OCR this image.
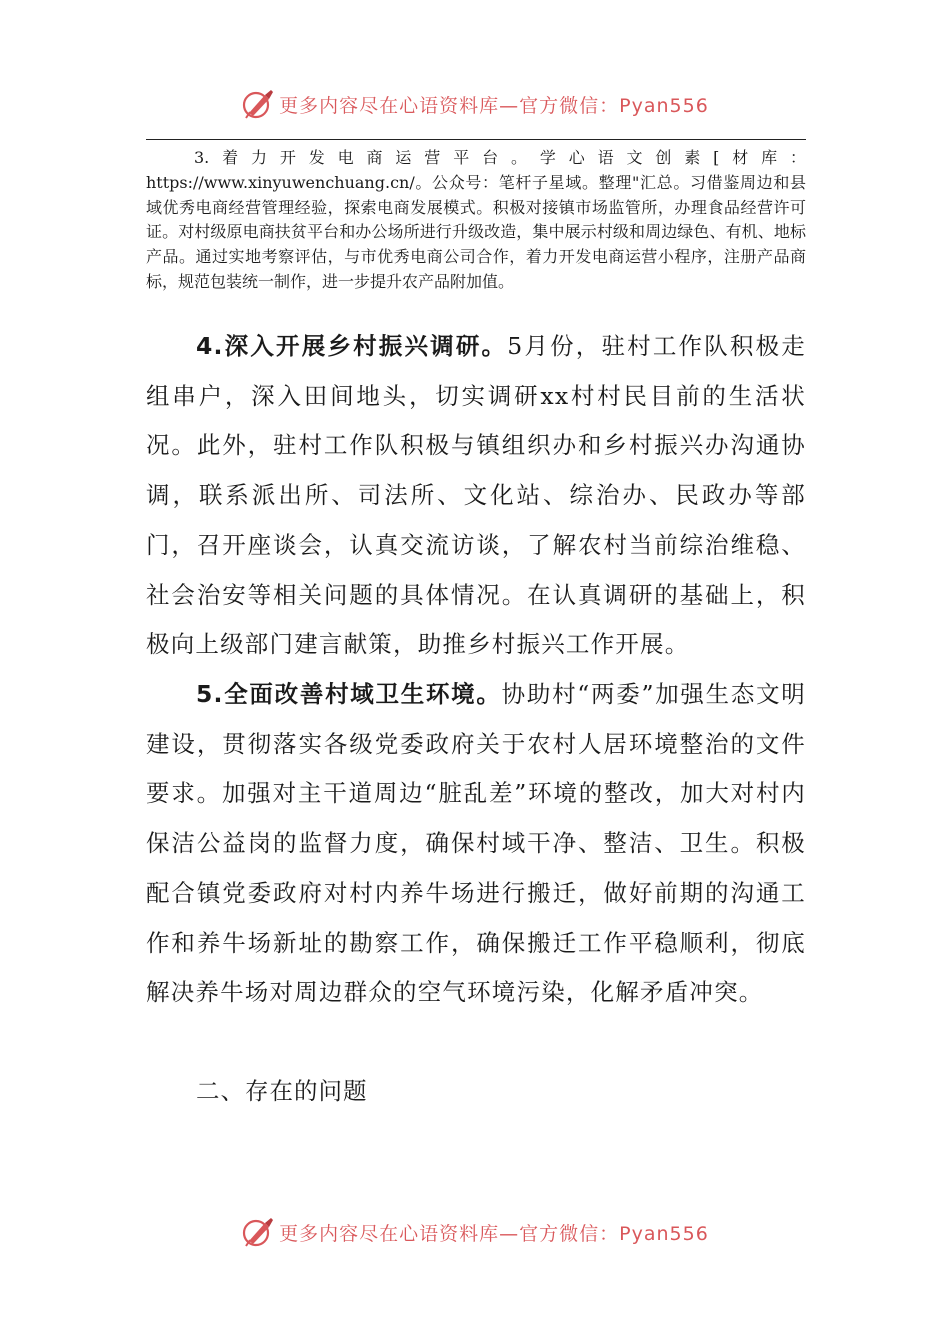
更多内容尽在心语资料库—官方微信：Pyan556

3.着力开发电商运营平台。学心语文创素[材库：https://www.xinyuwenchuang.cn/。公众号：笔杆子星域。整理"汇总。习借鉴周边和县域优秀电商经营管理经验，探索电商发展模式。积极对接镇市场监管所，办理食品经营许可证。对村级原电商扶贫平台和办公场所进行升级改造，集中展示村级和周边绿色、有机、地标产品。通过实地考察评估，与市优秀电商公司合作，着力开发电商运营小程序，注册产品商标，规范包装统一制作，进一步提升农产品附加值。

4.深入开展乡村振兴调研。5月份，驻村工作队积极走组串户，深入田间地头，切实调研xx村村民目前的生活状况。此外，驻村工作队积极与镇组织办和乡村振兴办沟通协调，联系派出所、司法所、文化站、综治办、民政办等部门，召开座谈会，认真交流访谈，了解农村当前综治维稳、社会治安等相关问题的具体情况。在认真调研的基础上，积极向上级部门建言献策，助推乡村振兴工作开展。

5.全面改善村域卫生环境。协助村“两委”加强生态文明建设，贯彻落实各级党委政府关于农村人居环境整治的文件要求。加强对主干道周边“脏乱差”环境的整改，加大对村内保洁公益岗的监督力度，确保村域干净、整洁、卫生。积极配合镇党委政府对村内养牛场进行搬迁，做好前期的沟通工作和养牛场新址的勘察工作，确保搬迁工作平稳顺利，彻底解决养牛场对周边群众的空气环境污染，化解矛盾冲突。

二、存在的问题
更多内容尽在心语资料库—官方微信：Pyan556
